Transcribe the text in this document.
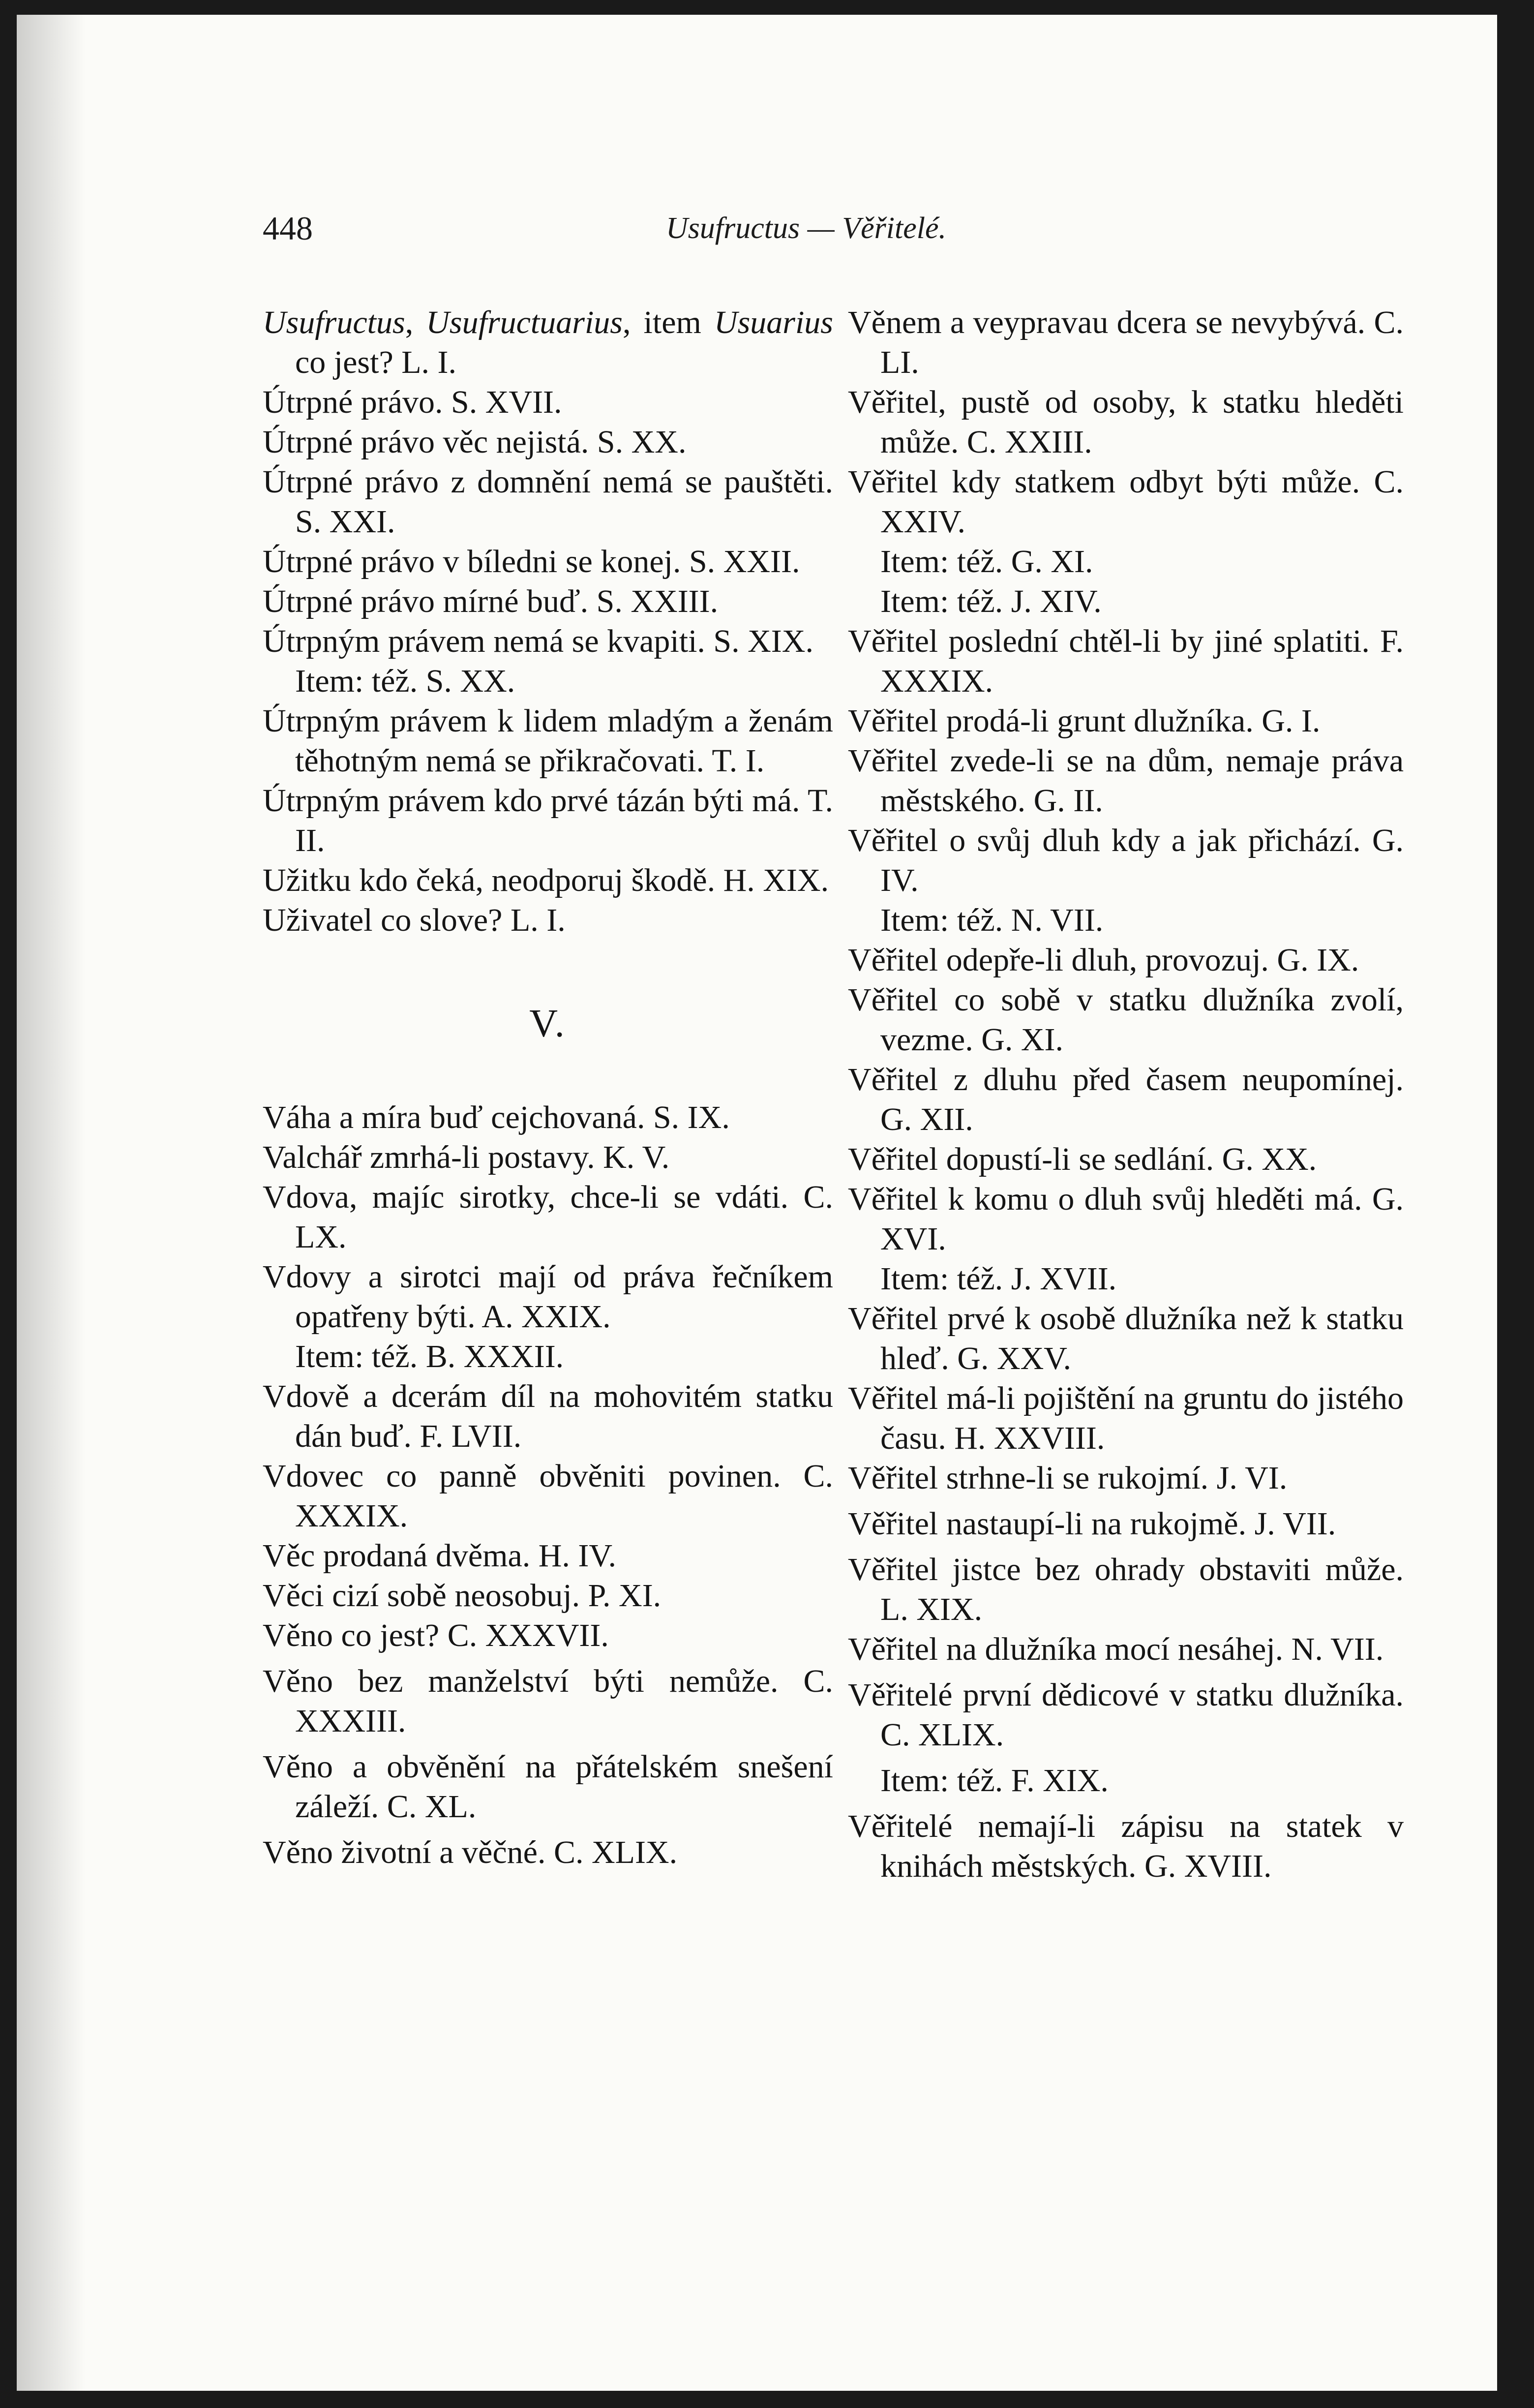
448	Usufructus — Věřitelé.

Usufructus, Usufructuarius, item Usuarius co jest? L. I.

Útrpné právo. S. XVII.

Útrpné právo věc nejistá. S. XX.

Útrpné právo z domnění nemá se pauštěti. S. XXI.

Útrpné právo v bíledni se konej. S. XXII.

Útrpné právo mírné buď. S. XXIII.

Útrpným právem nemá se kvapiti. S. XIX.

Item: též. S. XX.

Útrpným právem k lidem mladým a ženám těhotným nemá se přikračovati. T. I.

Útrpným právem kdo prvé tázán býti má. T. II.

Užitku kdo čeká, neodporuj škodě. H. XIX.

Uživatel co slove? L. I.

V.

Váha a míra buď cejchovaná. S. IX.

Valchář zmrhá-li postavy. K. V.

Vdova, majíc sirotky, chce-li se vdáti. C. LX.

Vdovy a sirotci mají od práva řečníkem opatřeny býti. A. XXIX.

Item: též. B. XXXII.

Vdově a dcerám díl na mohovitém statku dán buď. F. LVII.

Vdovec co panně obvěniti povinen. C. XXXIX.

Věc prodaná dvěma. H. IV.

Věci cizí sobě neosobuj. P. XI.

Věno co jest? C. XXXVII.

Věno bez manželství býti nemůže. C. XXXIII.

Věno a obvěnění na přátelském snešení záleží. C. XL.

Věno životní a věčné. C. XLIX.

Věnem a veypravau dcera se nevybývá. C. LI.

Věřitel, pustě od osoby, k statku hleděti může. C. XXIII.

Věřitel kdy statkem odbyt býti může. C. XXIV.

Item: též. G. XI.

Item: též. J. XIV.

Věřitel poslední chtěl-li by jiné splatiti. F. XXXIX.

Věřitel prodá-li grunt dlužníka. G. I.

Věřitel zvede-li se na dům, nemaje práva městského. G. II.

Věřitel o svůj dluh kdy a jak přichází. G. IV.

Item: též. N. VII.

Věřitel odepře-li dluh, provozuj. G. IX.

Věřitel co sobě v statku dlužníka zvolí, vezme. G. XI.

Věřitel z dluhu před časem neupomínej. G. XII.

Věřitel dopustí-li se sedlání. G. XX.

Věřitel k komu o dluh svůj hleděti má. G. XVI.

Item: též. J. XVII.

Věřitel prvé k osobě dlužníka než k statku hleď. G. XXV.

Věřitel má-li pojištění na gruntu do jistého času. H. XXVIII.

Věřitel strhne-li se rukojmí. J. VI.

Věřitel nastaupí-li na rukojmě. J. VII.

Věřitel jistce bez ohrady obstaviti může. L. XIX.

Věřitel na dlužníka mocí nesáhej. N. VII.

Věřitelé první dědicové v statku dlužníka. C. XLIX.

Item: též. F. XIX.

Věřitelé nemají-li zápisu na statek v knihách městských. G. XVIII.
